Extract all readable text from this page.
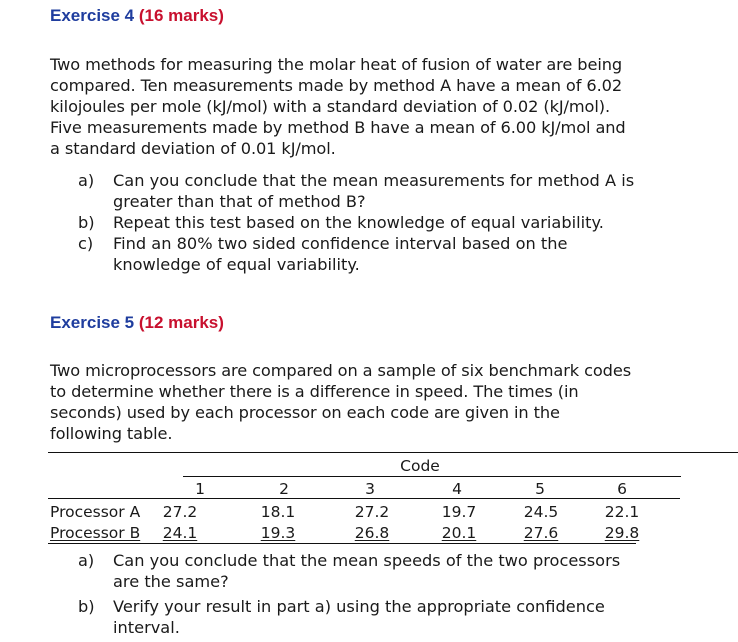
Exercise 4 (16 marks)
Two methods for measuring the molar heat of fusion of water are being
compared. Ten measurements made by method A have a mean of 6.02
kilojoules per mole (kJ/mol) with a standard deviation of 0.02 (kJ/mol).
Five measurements made by method B have a mean of 6.00 kJ/mol and
a standard deviation of 0.01 kJ/mol.
a) Can you conclude that the mean measurements for method A is
greater than that of method B?
b) Repeat this test based on the knowledge of equal variability.
c) Find an 80% two sided confidence interval based on the
knowledge of equal variability.
Exercise 5 (12 marks)
Two microprocessors are compared on a sample of six benchmark codes
to determine whether there is a difference in speed. The times (in
seconds) used by each processor on each code are given in the
following table.
Code
1	2	3	4	5	6
Processor A 27.2	18.1	27.2	19.7	24.5	22.1
Processor B 24.1	19.3	26.8	20.1	27.6	29.8
a) Can you conclude that the mean speeds of the two processors
are the same?
b) Verify your result in part a) using the appropriate confidence
interval.
